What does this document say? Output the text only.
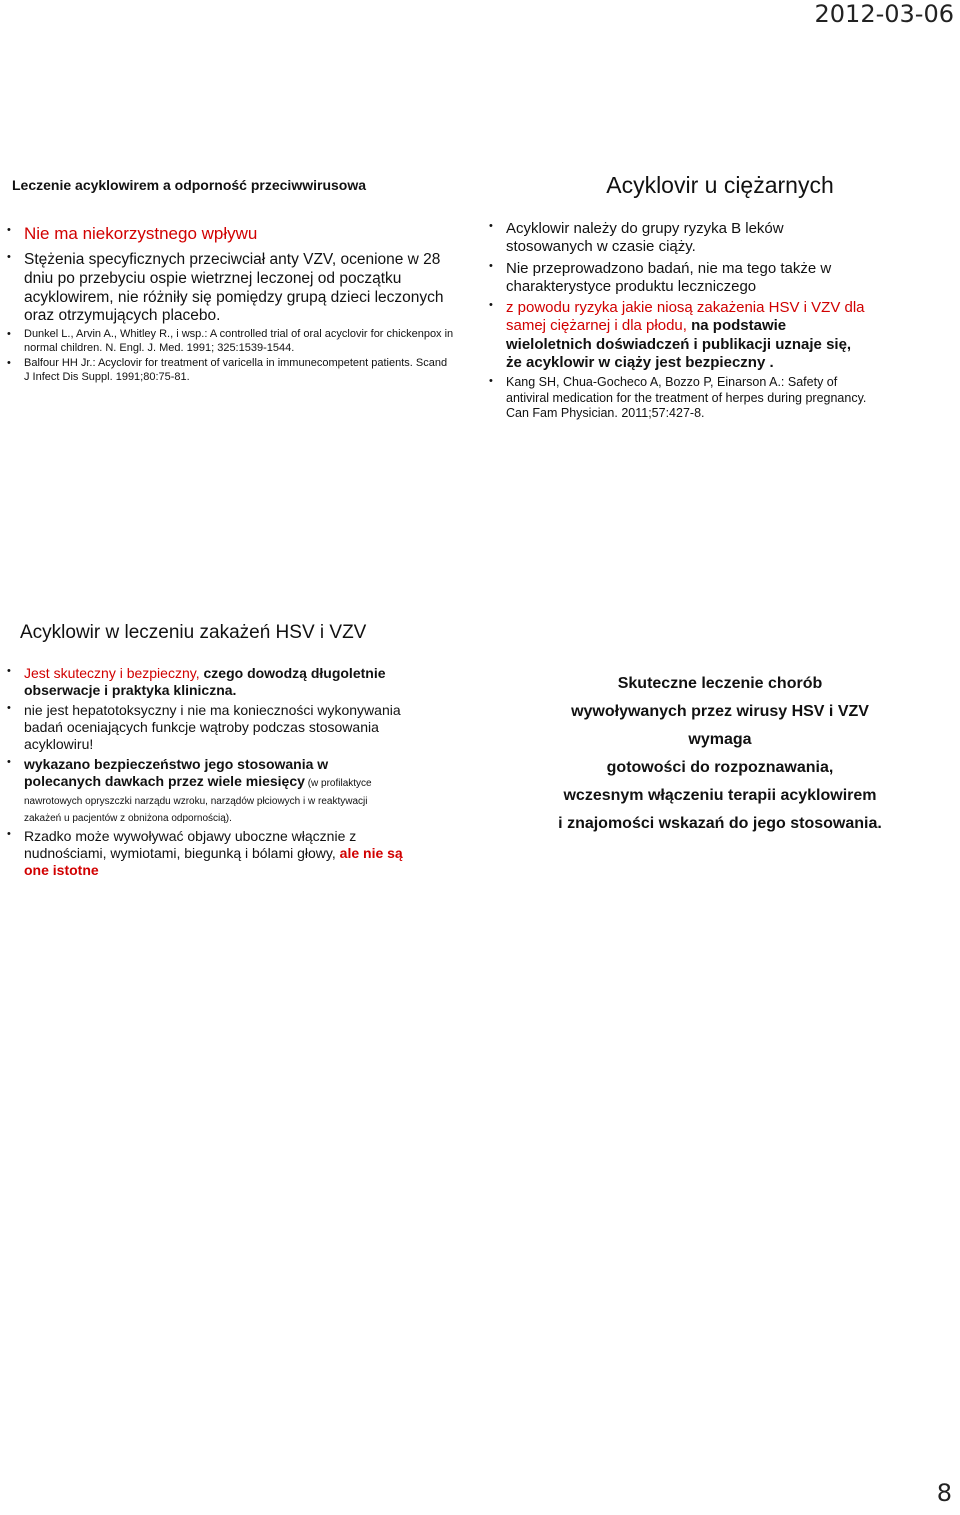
2012-03-06
Leczenie acyklowirem a odporność przeciwwirusowa
• Nie ma niekorzystnego wpływu
• Stężenia specyficznych przeciwciał anty VZV, ocenione w 28 dniu po przebyciu ospie wietrznej leczonej od początku acyklowirem, nie różniły się pomiędzy grupą dzieci leczonych oraz otrzymujących placebo.
• Dunkel L., Arvin A., Whitley R., i wsp.: A controlled trial of oral acyclovir for chickenpox in normal children. N. Engl. J. Med. 1991; 325:1539-1544.
• Balfour HH Jr.: Acyclovir for treatment of varicella in immunecompetent patients. Scand J Infect Dis Suppl. 1991;80:75-81.
Acyklovir u ciężarnych
• Acyklowir należy do grupy ryzyka B leków stosowanych w czasie ciąży.
• Nie przeprowadzono badań, nie ma tego także w charakterystyce produktu leczniczego
• z powodu ryzyka jakie niosą zakażenia HSV i VZV dla samej ciężarnej i dla płodu, na podstawie wieloletnich doświadczeń i publikacji uznaje się, że acyklowir w ciąży jest bezpieczny .
• Kang SH, Chua-Gocheco A, Bozzo P, Einarson A.: Safety of antiviral medication for the treatment of herpes during pregnancy. Can Fam Physician. 2011;57:427-8.
Acyklowir w leczeniu zakażeń HSV i VZV
• Jest skuteczny i bezpieczny, czego dowodzą długoletnie obserwacje i praktyka kliniczna.
• nie jest hepatotoksyczny i nie ma konieczności wykonywania badań oceniających funkcje wątroby podczas stosowania acyklowiru!
• wykazano bezpieczeństwo jego stosowania w polecanych dawkach przez wiele miesięcy (w profilaktyce nawrotowych opryszczki narządu wzroku, narządów płciowych i w reaktywacji zakażeń u pacjentów z obniżona odpornością).
• Rzadko może wywoływać objawy uboczne włącznie z nudnościami, wymiotami, biegunką i bólami głowy, ale nie są one istotne
Skuteczne leczenie chorób
wywoływanych przez wirusy HSV i VZV
wymaga
gotowości do rozpoznawania,
wczesnym włączeniu terapii acyklowirem
i znajomości wskazań do jego stosowania.
8
